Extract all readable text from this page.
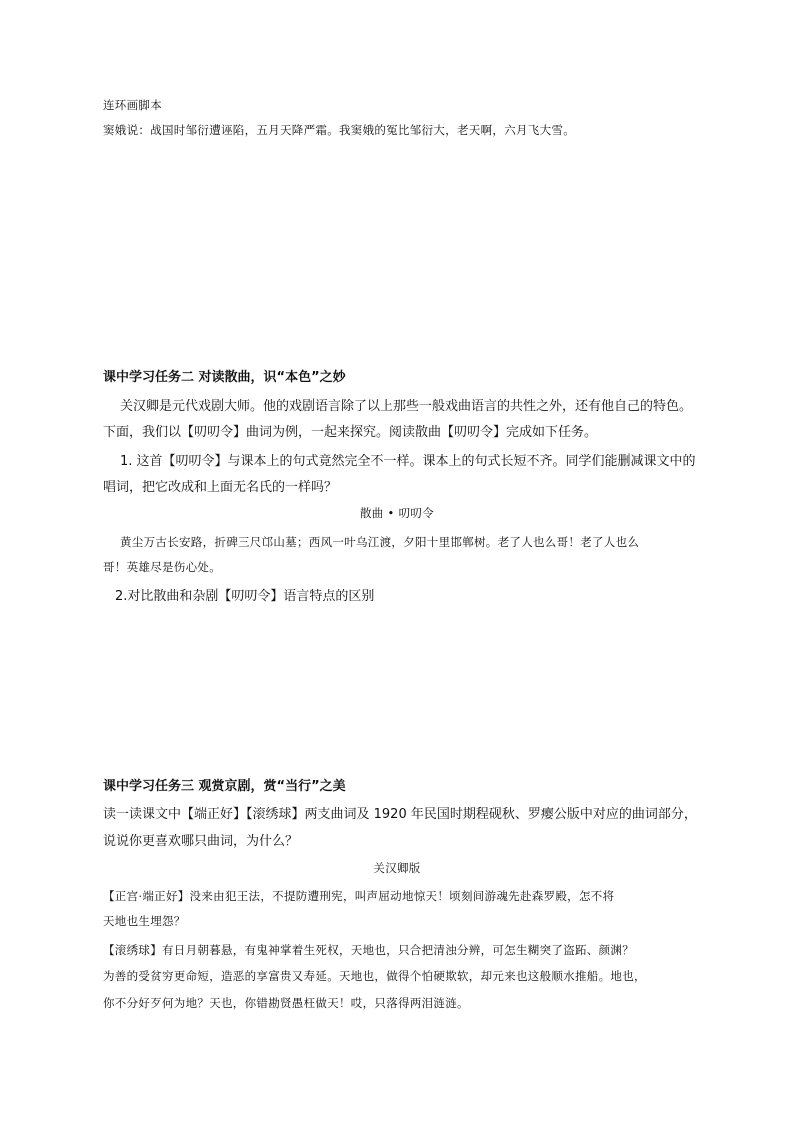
连环画脚本
窦娥说：战国时邹衍遭诬陷，五月天降严霜。我窦娥的冤比邹衍大，老天啊，六月飞大雪。
课中学习任务二 对读散曲，识“本色”之妙
关汉卿是元代戏剧大师。他的戏剧语言除了以上那些一般戏曲语言的共性之外，还有他自己的特色。
下面，我们以【叨叨令】曲词为例，一起来探究。阅读散曲【叨叨令】完成如下任务。
1. 这首【叨叨令】与课本上的句式竟然完全不一样。课本上的句式长短不齐。同学们能删减课文中的
唱词，把它改成和上面无名氏的一样吗？
散曲 • 叨叨令
黄尘万古长安路，折碑三尺邙山墓；西风一叶乌江渡，夕阳十里邯郸树。老了人也么哥！老了人也么
哥！英雄尽是伤心处。
2.对比散曲和杂剧【叨叨令】语言特点的区别
课中学习任务三 观赏京剧，赏“当行”之美
读一读课文中【端正好】【滚绣球】两支曲词及 1920 年民国时期程砚秋、罗瘿公版中对应的曲词部分，
说说你更喜欢哪只曲词，为什么？
关汉卿版
【正宫·端正好】没来由犯王法，不提防遭刑宪，叫声屈动地惊天！顷刻间游魂先赴森罗殿，怎不将
天地也生埋怨？
【滚绣球】有日月朝暮悬，有鬼神掌着生死权，天地也，只合把清浊分辨，可怎生糊突了盗跖、颜渊？
为善的受贫穷更命短，造恶的享富贵又寿延。天地也，做得个怕硬欺软，却元来也这般顺水推船。地也，
你不分好歹何为地？天也，你错勘贤愚枉做天！哎，只落得两泪涟涟。
